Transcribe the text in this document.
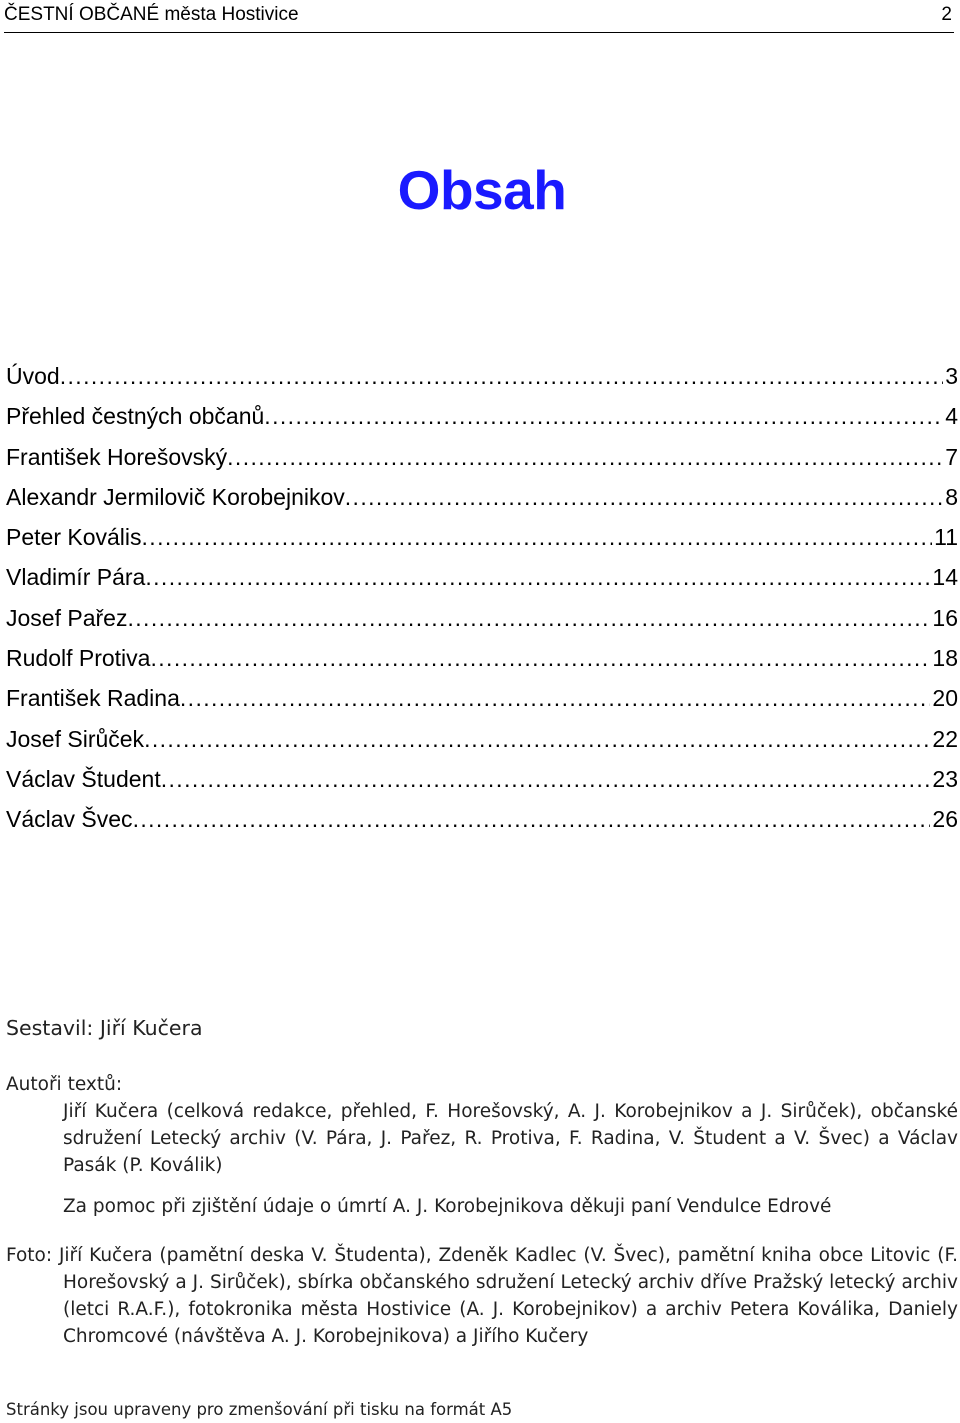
ČESTNÍ OBČANÉ města Hostivice	2
Obsah
Úvod .....	3
Přehled čestných občanů .....	4
František Horešovský .....	7
Alexandr Jermilovič Korobejnikov .....	8
Peter Kovális .....	11
Vladimír Pára .....	14
Josef Pařez .....	16
Rudolf Protiva .....	18
František Radina .....	20
Josef Sirůček .....	22
Václav Študent .....	23
Václav Švec .....	26
Sestavil: Jiří Kučera
Autoři textů:
Jiří Kučera (celková redakce, přehled, F. Horešovský, A. J. Korobejnikov a J. Sirůček), občanské sdružení Letecký archiv (V. Pára, J. Pařez, R. Protiva, F. Radina, V. Študent a V. Švec) a Václav Pasák (P. Koválik)
Za pomoc při zjištění údaje o úmrtí A. J. Korobejnikova děkuji paní Vendulce Edrové
Foto: Jiří Kučera (pamětní deska V. Študenta), Zdeněk Kadlec (V. Švec), pamětní kniha obce Litovic (F. Horešovský a J. Sirůček), sbírka občanského sdružení Letecký archiv dříve Pražský letecký archiv (letci R.A.F.), fotokronika města Hostivice (A. J. Korobejnikov) a archiv Petera Koválika, Daniely Chromcové (návštěva A. J. Korobejnikova) a Jiřího Kučery
Stránky jsou upraveny pro zmenšování při tisku na formát A5
